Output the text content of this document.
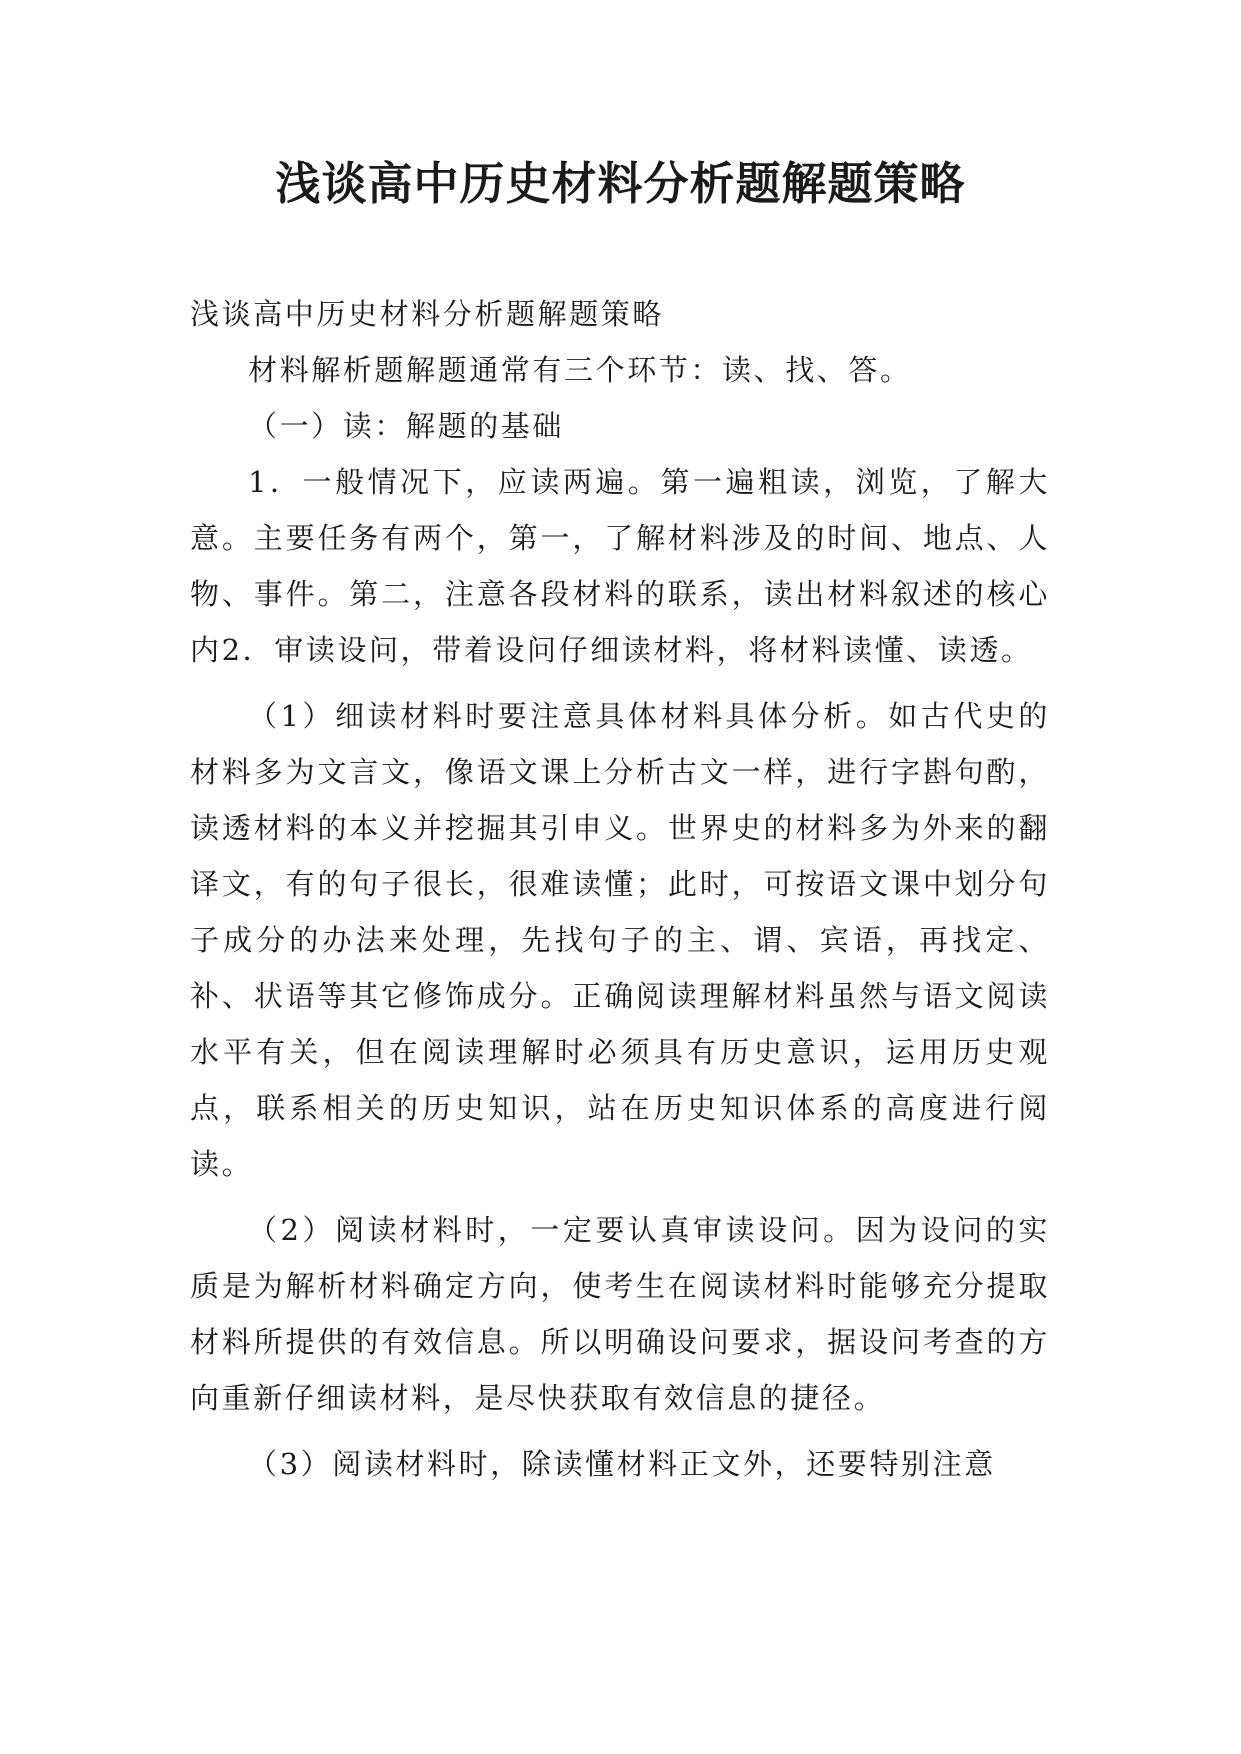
浅谈高中历史材料分析题解题策略

浅谈高中历史材料分析题解题策略

材料解析题解题通常有三个环节：读、找、答。

（一）读：解题的基础

1．一般情况下，应读两遍。第一遍粗读，浏览，了解大意。主要任务有两个，第一，了解材料涉及的时间、地点、人物、事件。第二，注意各段材料的联系，读出材料叙述的核心内2．审读设问，带着设问仔细读材料，将材料读懂、读透。

（1）细读材料时要注意具体材料具体分析。如古代史的材料多为文言文，像语文课上分析古文一样，进行字斟句酌，读透材料的本义并挖掘其引申义。世界史的材料多为外来的翻译文，有的句子很长，很难读懂；此时，可按语文课中划分句子成分的办法来处理，先找句子的主、谓、宾语，再找定、补、状语等其它修饰成分。正确阅读理解材料虽然与语文阅读水平有关，但在阅读理解时必须具有历史意识，运用历史观点，联系相关的历史知识，站在历史知识体系的高度进行阅读。

（2）阅读材料时，一定要认真审读设问。因为设问的实质是为解析材料确定方向，使考生在阅读材料时能够充分提取材料所提供的有效信息。所以明确设问要求，据设问考查的方向重新仔细读材料，是尽快获取有效信息的捷径。

（3）阅读材料时，除读懂材料正文外，还要特别注意
